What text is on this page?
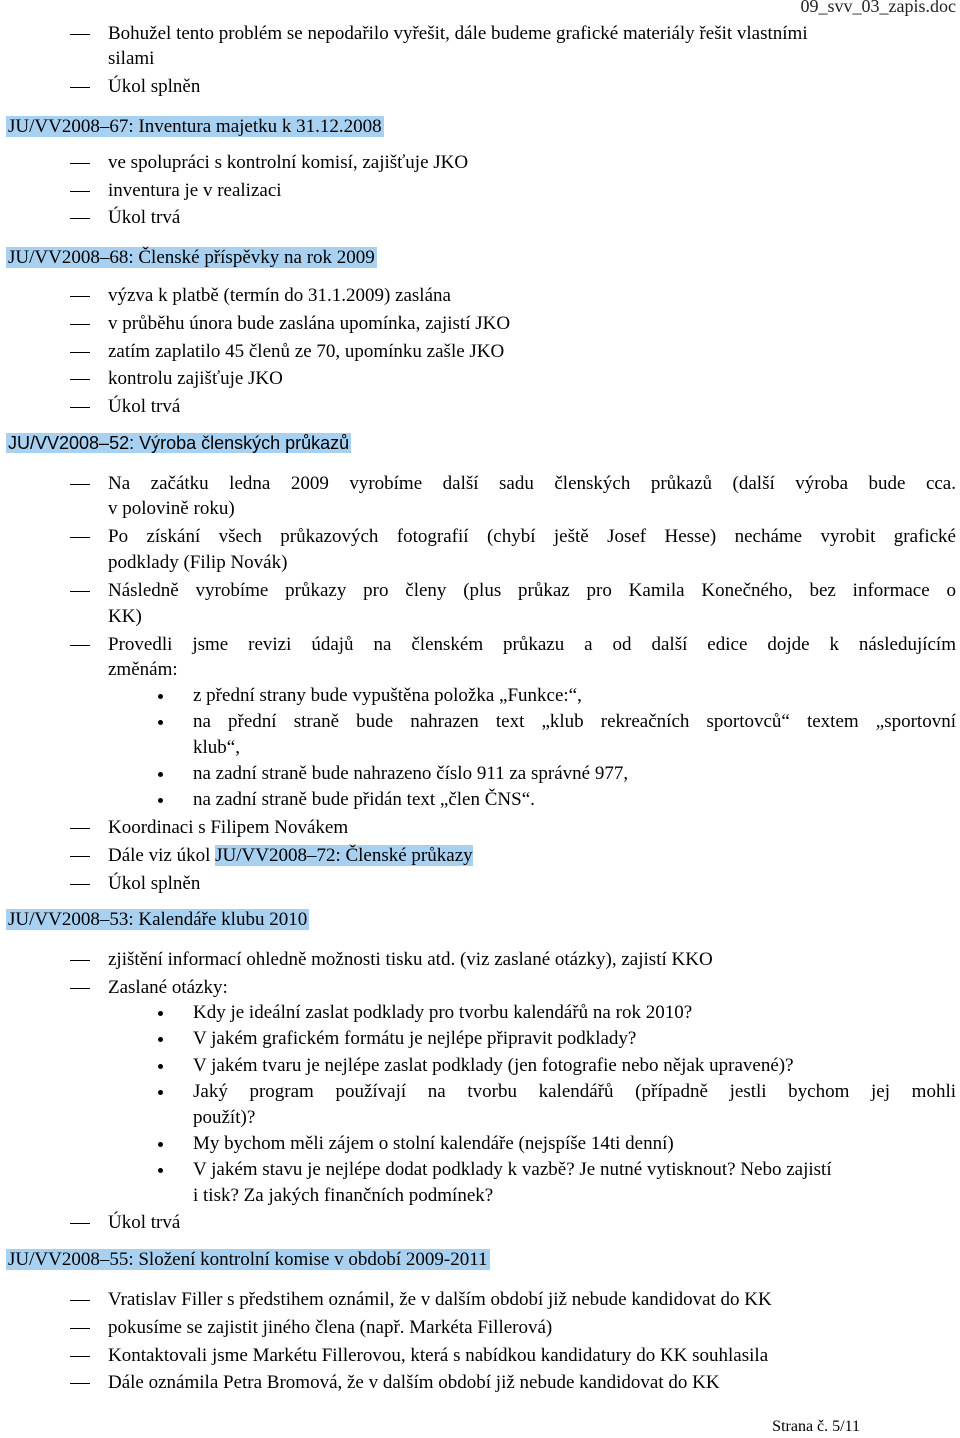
09_svv_03_zapis.doc
Bohužel tento problém se nepodařilo vyřešit, dále budeme grafické materiály řešit vlastními
silami
Úkol splněn
JU/VV2008–67: Inventura majetku k 31.12.2008
ve spolupráci s kontrolní komisí, zajišťuje JKO
inventura je v realizaci
Úkol trvá
JU/VV2008–68: Členské příspěvky na rok 2009
výzva k platbě (termín do 31.1.2009) zaslána
v průběhu února bude zaslána upomínka, zajistí JKO
zatím zaplatilo 45 členů ze 70, upomínku zašle JKO
kontrolu zajišťuje JKO
Úkol trvá
JU/VV2008–52: Výroba členských průkazů
Na začátku ledna 2009 vyrobíme další sadu členských průkazů (další výroba bude cca.
v polovině roku)
Po získání všech průkazových fotografií (chybí ještě Josef Hesse) necháme vyrobit grafické
podklady (Filip Novák)
Následně vyrobíme průkazy pro členy (plus průkaz pro Kamila Konečného, bez informace o
KK)
Provedli jsme revizi údajů na členském průkazu a od další edice dojde k následujícím
změnám:
z přední strany bude vypuštěna položka „Funkce:“,
na přední straně bude nahrazen text „klub rekreačních sportovců“ textem „sportovní
klub“,
na zadní straně bude nahrazeno číslo 911 za správné 977,
na zadní straně bude přidán text „člen ČNS“.
Koordinaci s Filipem Novákem
Dále viz úkol JU/VV2008–72: Členské průkazy
Úkol splněn
JU/VV2008–53: Kalendáře klubu 2010
zjištění informací ohledně možnosti tisku atd. (viz zaslané otázky), zajistí KKO
Zaslané otázky:
Kdy je ideální zaslat podklady pro tvorbu kalendářů na rok 2010?
V jakém grafickém formátu je nejlépe připravit podklady?
V jakém tvaru je nejlépe zaslat podklady (jen fotografie nebo nějak upravené)?
Jaký program používají na tvorbu kalendářů (případně jestli bychom jej mohli
použít)?
My bychom měli zájem o stolní kalendáře (nejspíše 14ti denní)
V jakém stavu je nejlépe dodat podklady k vazbě? Je nutné vytisknout? Nebo zajistí
i tisk? Za jakých finančních podmínek?
Úkol trvá
JU/VV2008–55: Složení kontrolní komise v období 2009-2011
Vratislav Filler s předstihem oznámil, že v dalším období již nebude kandidovat do KK
pokusíme se zajistit jiného člena (např. Markéta Fillerová)
Kontaktovali jsme Markétu Fillerovou, která s nabídkou kandidatury do KK souhlasila
Dále oznámila Petra Bromová, že v dalším období již nebude kandidovat do KK
Strana č. 5/11
